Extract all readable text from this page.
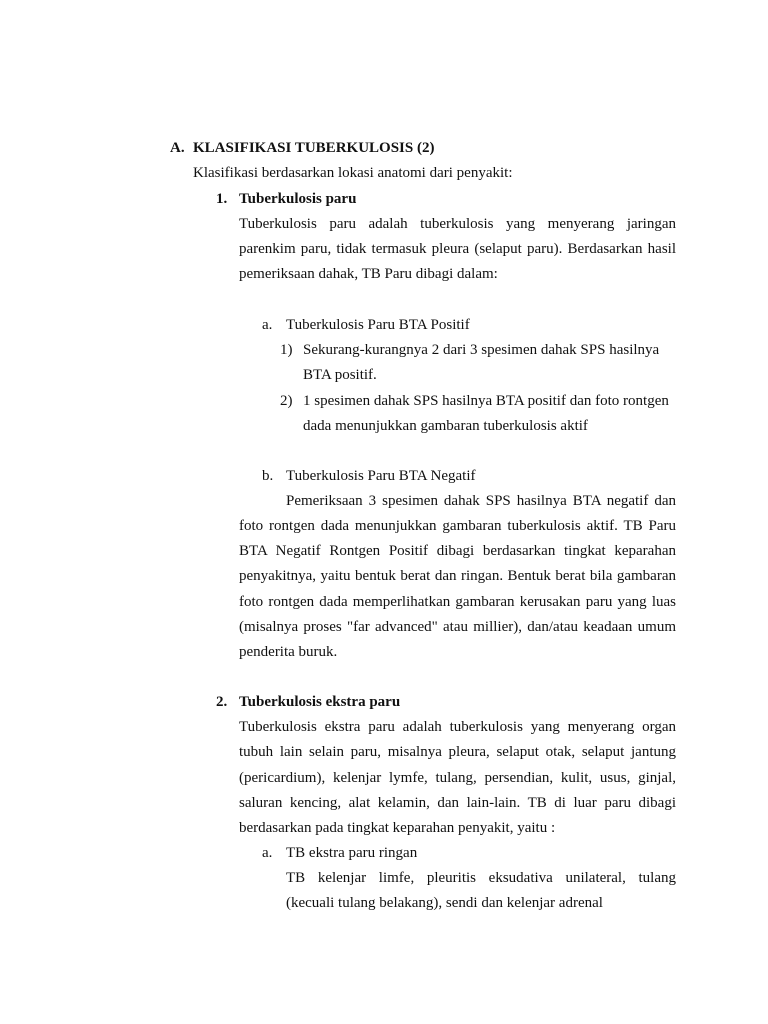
A. KLASIFIKASI TUBERKULOSIS (2)
Klasifikasi berdasarkan lokasi anatomi dari penyakit:
1. Tuberkulosis paru
Tuberkulosis paru adalah tuberkulosis yang menyerang jaringan
parenkim paru, tidak termasuk pleura (selaput paru). Berdasarkan hasil
pemeriksaan dahak, TB Paru dibagi dalam:
a. Tuberkulosis Paru BTA Positif
1) Sekurang-kurangnya 2 dari 3 spesimen dahak SPS hasilnya
BTA positif.
2) 1 spesimen dahak SPS hasilnya BTA positif dan foto rontgen
dada menunjukkan gambaran tuberkulosis aktif
b. Tuberkulosis Paru BTA Negatif
Pemeriksaan 3 spesimen dahak SPS hasilnya BTA negatif dan
foto rontgen dada menunjukkan gambaran tuberkulosis aktif. TB Paru
BTA Negatif Rontgen Positif dibagi berdasarkan tingkat keparahan
penyakitnya, yaitu bentuk berat dan ringan. Bentuk berat bila gambaran
foto rontgen dada memperlihatkan gambaran kerusakan paru yang luas
(misalnya proses "far advanced" atau millier), dan/atau keadaan umum
penderita buruk.
2. Tuberkulosis ekstra paru
Tuberkulosis ekstra paru adalah tuberkulosis yang menyerang organ
tubuh lain selain paru, misalnya pleura, selaput otak, selaput jantung
(pericardium), kelenjar lymfe, tulang, persendian, kulit, usus, ginjal,
saluran kencing, alat kelamin, dan lain-lain. TB di luar paru dibagi
berdasarkan pada tingkat keparahan penyakit, yaitu :
a. TB ekstra paru ringan
TB kelenjar limfe, pleuritis eksudativa unilateral, tulang
(kecuali tulang belakang), sendi dan kelenjar adrenal
